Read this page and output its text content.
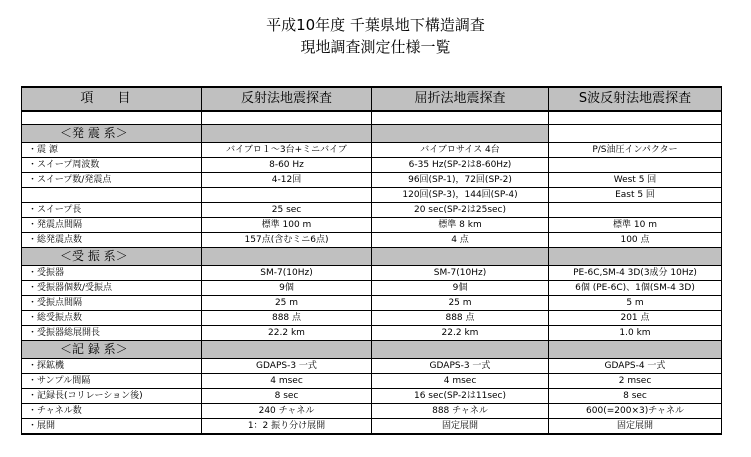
平成10年度 千葉県地下構造調査
現地調査測定仕様一覧
項 目	反射法地震探査	屈折法地震探査	S波反射法地震探査

＜発 震 系＞			
・震 源	バイブロ１～3台+ミニバイブ	バイブロサイス 4台	P/S油圧インパクター
・スイープ周波数	8-60 Hz	6-35 Hz(SP-2は8-60Hz)	
・スイープ数/発震点	4-12回	96回(SP-1)，72回(SP-2)	West 5 回
		120回(SP-3)，144回(SP-4)	East 5 回
・スイープ長	25 sec	20 sec(SP-2は25sec)	
・発震点間隔	標準 100 m	標準 8 km	標準 10 m
・総発震点数	157点(含むミニ6点)	4 点	100 点
＜受 振 系＞			
・受振器	SM-7(10Hz)	SM-7(10Hz)	PE-6C,SM-4 3D(3成分 10Hz)
・受振器個数/受振点	9個	9個	6個 (PE-6C)、1個(SM-4 3D)
・受振点間隔	25 m	25 m	5 m
・総受振点数	888 点	888 点	201 点
・受振器総展開長	22.2 km	22.2 km	1.0 km
＜記 録 系＞			
・探鉱機	GDAPS-3 一式	GDAPS-3 一式	GDAPS-4 一式
・サンプル間隔	4 msec	4 msec	2 msec
・記録長(コリレーション後)	8 sec	16 sec(SP-2は11sec)	8 sec
・チャネル数	240 チャネル	888 チャネル	600(=200×3)チャネル
・展開	1：2 振り分け展開	固定展開	固定展開
